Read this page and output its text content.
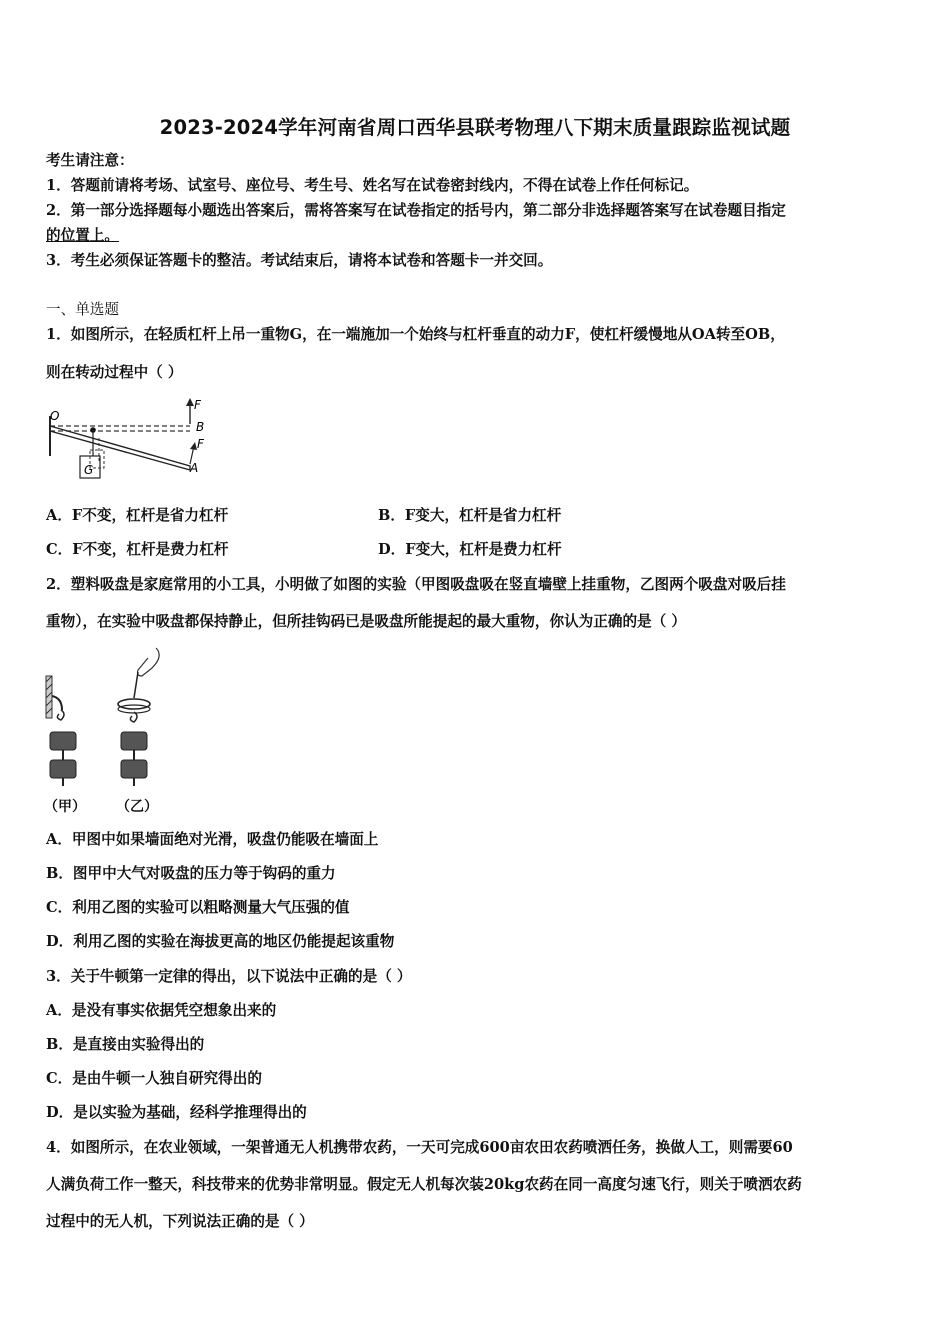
2023-2024学年河南省周口西华县联考物理八下期末质量跟踪监视试题
考生请注意：
1．答题前请将考场、试室号、座位号、考生号、姓名写在试卷密封线内，不得在试卷上作任何标记。
2．第一部分选择题每小题选出答案后，需将答案写在试卷指定的括号内，第二部分非选择题答案写在试卷题目指定
的位置上。
3．考生必须保证答题卡的整洁。考试结束后，请将本试卷和答题卡一并交回。
一、单选题
1．如图所示，在轻质杠杆上吊一重物G，在一端施加一个始终与杠杆垂直的动力F，使杠杆缓慢地从OA转至OB，
则在转动过程中（ ）
O
B
A
F
F
G
A．F不变，杠杆是省力杠杆	B．F变大，杠杆是省力杠杆
C．F不变，杠杆是费力杠杆	D．F变大，杠杆是费力杠杆
2．塑料吸盘是家庭常用的小工具，小明做了如图的实验（甲图吸盘吸在竖直墙壁上挂重物，乙图两个吸盘对吸后挂
重物），在实验中吸盘都保持静止，但所挂钩码已是吸盘所能提起的最大重物，你认为正确的是（ ）
（甲） （乙）
A．甲图中如果墙面绝对光滑，吸盘仍能吸在墙面上
B．图甲中大气对吸盘的压力等于钩码的重力
C．利用乙图的实验可以粗略测量大气压强的值
D．利用乙图的实验在海拔更高的地区仍能提起该重物
3．关于牛顿第一定律的得出，以下说法中正确的是（ ）
A．是没有事实依据凭空想象出来的
B．是直接由实验得出的
C．是由牛顿一人独自研究得出的
D．是以实验为基础，经科学推理得出的
4．如图所示，在农业领域，一架普通无人机携带农药，一天可完成600亩农田农药喷洒任务，换做人工，则需要60
人满负荷工作一整天，科技带来的优势非常明显。假定无人机每次装20kg农药在同一高度匀速飞行，则关于喷洒农药
过程中的无人机，下列说法正确的是（ ）
